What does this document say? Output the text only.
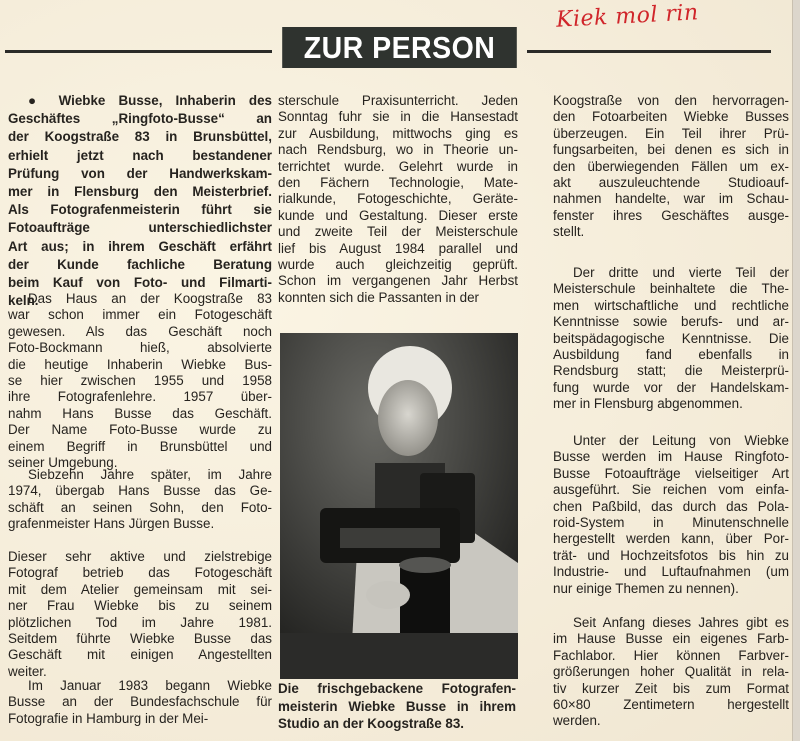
ZUR PERSON
Kiek mol rin
● Wiebke Busse, Inhaberin des
Geschäftes „Ringfoto-Busse“ an
der Koogstraße 83 in Brunsbüttel,
erhielt jetzt nach bestandener
Prüfung von der Handwerkskam-
mer in Flensburg den Meisterbrief.
Als Fotografenmeisterin führt sie
Fotoaufträge unterschiedlichster
Art aus; in ihrem Geschäft erfährt
der Kunde fachliche Beratung
beim Kauf von Foto- und Filmarti-
keln.
Das Haus an der Koogstraße 83
war schon immer ein Fotogeschäft
gewesen. Als das Geschäft noch
Foto-Bockmann hieß, absolvierte
die heutige Inhaberin Wiebke Bus-
se hier zwischen 1955 und 1958
ihre Fotografenlehre. 1957 über-
nahm Hans Busse das Geschäft.
Der Name Foto-Busse wurde zu
einem Begriff in Brunsbüttel und
seiner Umgebung.
Siebzehn Jahre später, im Jahre
1974, übergab Hans Busse das Ge-
schäft an seinen Sohn, den Foto-
grafenmeister Hans Jürgen Busse.
Dieser sehr aktive und zielstrebige
Fotograf betrieb das Fotogeschäft
mit dem Atelier gemeinsam mit sei-
ner Frau Wiebke bis zu seinem
plötzlichen Tod im Jahre 1981.
Seitdem führte Wiebke Busse das
Geschäft mit einigen Angestellten
weiter.
Im Januar 1983 begann Wiebke
Busse an der Bundesfachschule für
Fotografie in Hamburg in der Mei-
sterschule Praxisunterricht. Jeden
Sonntag fuhr sie in die Hansestadt
zur Ausbildung, mittwochs ging es
nach Rendsburg, wo in Theorie un-
terrichtet wurde. Gelehrt wurde in
den Fächern Technologie, Mate-
rialkunde, Fotogeschichte, Geräte-
kunde und Gestaltung. Dieser erste
und zweite Teil der Meisterschule
lief bis August 1984 parallel und
wurde auch gleichzeitig geprüft.
Schon im vergangenen Jahr Herbst
konnten sich die Passanten in der
Die frischgebackene Fotografen-
meisterin Wiebke Busse in ihrem
Studio an der Koogstraße 83.
Koogstraße von den hervorragen-
den Fotoarbeiten Wiebke Busses
überzeugen. Ein Teil ihrer Prü-
fungsarbeiten, bei denen es sich in
den überwiegenden Fällen um ex-
akt auszuleuchtende Studioauf-
nahmen handelte, war im Schau-
fenster ihres Geschäftes ausge-
stellt.
Der dritte und vierte Teil der
Meisterschule beinhaltete die The-
men wirtschaftliche und rechtliche
Kenntnisse sowie berufs- und ar-
beitspädagogische Kenntnisse. Die
Ausbildung fand ebenfalls in
Rendsburg statt; die Meisterprü-
fung wurde vor der Handelskam-
mer in Flensburg abgenommen.
Unter der Leitung von Wiebke
Busse werden im Hause Ringfoto-
Busse Fotoaufträge vielseitiger Art
ausgeführt. Sie reichen vom einfa-
chen Paßbild, das durch das Pola-
roid-System in Minutenschnelle
hergestellt werden kann, über Por-
trät- und Hochzeitsfotos bis hin zu
Industrie- und Luftaufnahmen (um
nur einige Themen zu nennen).
Seit Anfang dieses Jahres gibt es
im Hause Busse ein eigenes Farb-
Fachlabor. Hier können Farbver-
größerungen hoher Qualität in rela-
tiv kurzer Zeit bis zum Format
60×80 Zentimetern hergestellt
werden.
